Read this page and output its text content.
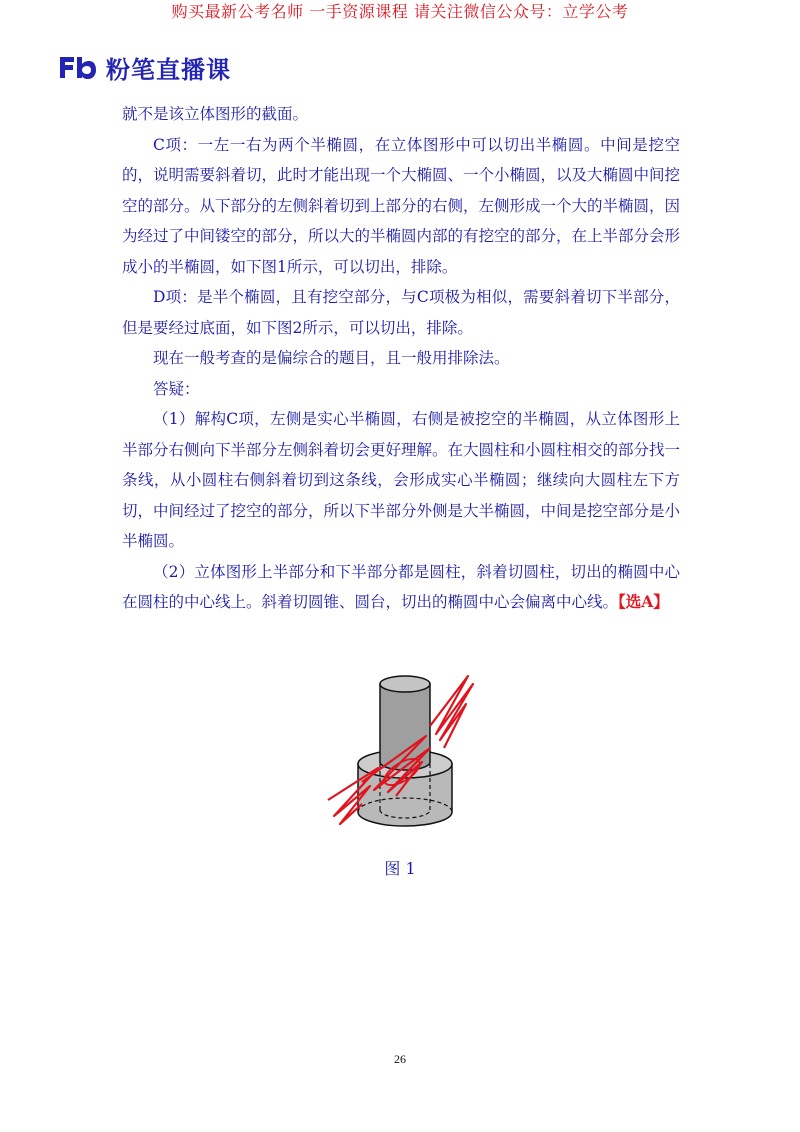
购买最新公考名师 一手资源课程 请关注微信公众号：立学公考
粉笔直播课

就不是该立体图形的截面。

C项：一左一右为两个半椭圆，在立体图形中可以切出半椭圆。中间是挖空的，说明需要斜着切，此时才能出现一个大椭圆、一个小椭圆，以及大椭圆中间挖空的部分。从下部分的左侧斜着切到上部分的右侧，左侧形成一个大的半椭圆，因为经过了中间镂空的部分，所以大的半椭圆内部的有挖空的部分，在上半部分会形成小的半椭圆，如下图1所示，可以切出，排除。

D项：是半个椭圆，且有挖空部分，与C项极为相似，需要斜着切下半部分，但是要经过底面，如下图2所示，可以切出，排除。

现在一般考查的是偏综合的题目，且一般用排除法。

答疑：

（1）解构C项，左侧是实心半椭圆，右侧是被挖空的半椭圆，从立体图形上半部分右侧向下半部分左侧斜着切会更好理解。在大圆柱和小圆柱相交的部分找一条线，从小圆柱右侧斜着切到这条线，会形成实心半椭圆；继续向大圆柱左下方切，中间经过了挖空的部分，所以下半部分外侧是大半椭圆，中间是挖空部分是小半椭圆。

（2）立体图形上半部分和下半部分都是圆柱，斜着切圆柱，切出的椭圆中心在圆柱的中心线上。斜着切圆锥、圆台，切出的椭圆中心会偏离中心线。【选A】

图 1
26
